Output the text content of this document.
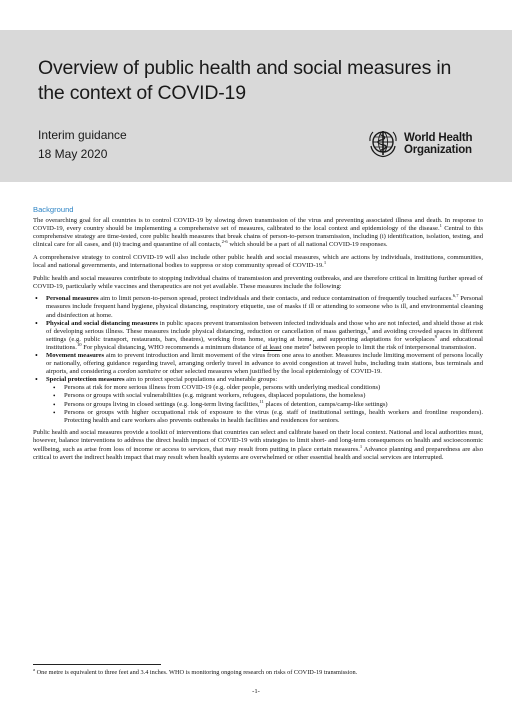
Overview of public health and social measures in the context of COVID-19
Interim guidance
18 May 2020
World Health
Organization
Background

The overarching goal for all countries is to control COVID-19 by slowing down transmission of the virus and preventing associated illness and death. In response to COVID-19, every country should be implementing a comprehensive set of measures, calibrated to the local context and epidemiology of the disease.$^1$ Central to this comprehensive strategy are time-tested, core public health measures that break chains of person-to-person transmission, including (i) identification, isolation, testing, and clinical care for all cases, and (ii) tracing and quarantine of all contacts,$^{2-6}$ which should be a part of all national COVID-19 responses.

A comprehensive strategy to control COVID-19 will also include other public health and social measures, which are actions by individuals, institutions, communities, local and national governments, and international bodies to suppress or stop community spread of COVID-19.$^1$

Public health and social measures contribute to stopping individual chains of transmission and preventing outbreaks, and are therefore critical in limiting further spread of COVID-19, particularly while vaccines and therapeutics are not yet available. These measures include the following:

• Personal measures aim to limit person-to-person spread, protect individuals and their contacts, and reduce contamination of frequently touched surfaces.$^{6,7}$ Personal measures include frequent hand hygiene, physical distancing, respiratory etiquette, use of masks if ill or attending to someone who is ill, and environmental cleaning and disinfection at home.
• Physical and social distancing measures in public spaces prevent transmission between infected individuals and those who are not infected, and shield those at risk of developing serious illness. These measures include physical distancing, reduction or cancellation of mass gatherings,$^8$ and avoiding crowded spaces in different settings (e.g. public transport, restaurants, bars, theatres), working from home, staying at home, and supporting adaptations for workplaces$^9$ and educational institutions.$^{10}$ For physical distancing, WHO recommends a minimum distance of at least one metre$^a$ between people to limit the risk of interpersonal transmission.
• Movement measures aim to prevent introduction and limit movement of the virus from one area to another. Measures include limiting movement of persons locally or nationally, offering guidance regarding travel, arranging orderly travel in advance to avoid congestion at travel hubs, including train stations, bus terminals and airports, and considering a cordon sanitaire or other selected measures when justified by the local epidemiology of COVID-19.
• Special protection measures aim to protect special populations and vulnerable groups:
• Persons at risk for more serious illness from COVID-19 (e.g. older people, persons with underlying medical conditions)
• Persons or groups with social vulnerabilities (e.g. migrant workers, refugees, displaced populations, the homeless)
• Persons or groups living in closed settings (e.g. long-term living facilities,$^{11}$ places of detention, camps/camp-like settings)
• Persons or groups with higher occupational risk of exposure to the virus (e.g. staff of institutional settings, health workers and frontline responders). Protecting health and care workers also prevents outbreaks in health facilities and residences for seniors.

Public health and social measures provide a toolkit of interventions that countries can select and calibrate based on their local context. National and local authorities must, however, balance interventions to address the direct health impact of COVID-19 with strategies to limit short- and long-term consequences on health and socioeconomic wellbeing, such as arise from loss of income or access to services, that may result from putting in place certain measures.$^1$ Advance planning and preparedness are also critical to avert the indirect health impact that may result when health systems are overwhelmed or other essential health and social services are interrupted.

$^a$ One metre is equivalent to three feet and 3.4 inches. WHO is monitoring ongoing research on risks of COVID-19 transmission.
-1-
